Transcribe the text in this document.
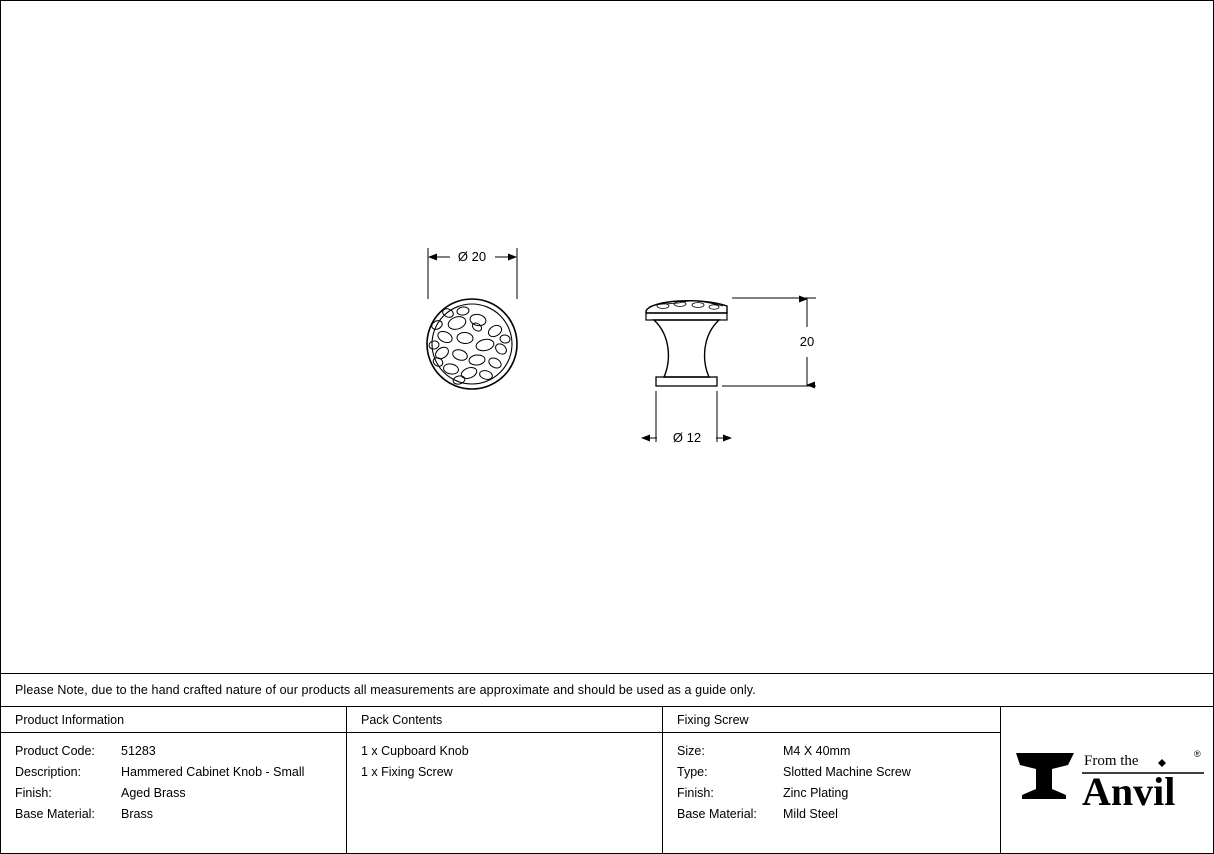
Ø 20
20
Ø 12
Please Note, due to the hand crafted nature of our products all measurements are approximate and should be used as a guide only.
Product Information
Product Code:	51283
Description:	Hammered Cabinet Knob - Small
Finish:	Aged Brass
Base Material:	Brass
Pack Contents
1 x Cupboard Knob
1 x Fixing Screw
Fixing Screw
Size:	M4 X 40mm
Type:	Slotted Machine Screw
Finish:	Zinc Plating
Base Material:	Mild Steel
From the	®
Anvil
